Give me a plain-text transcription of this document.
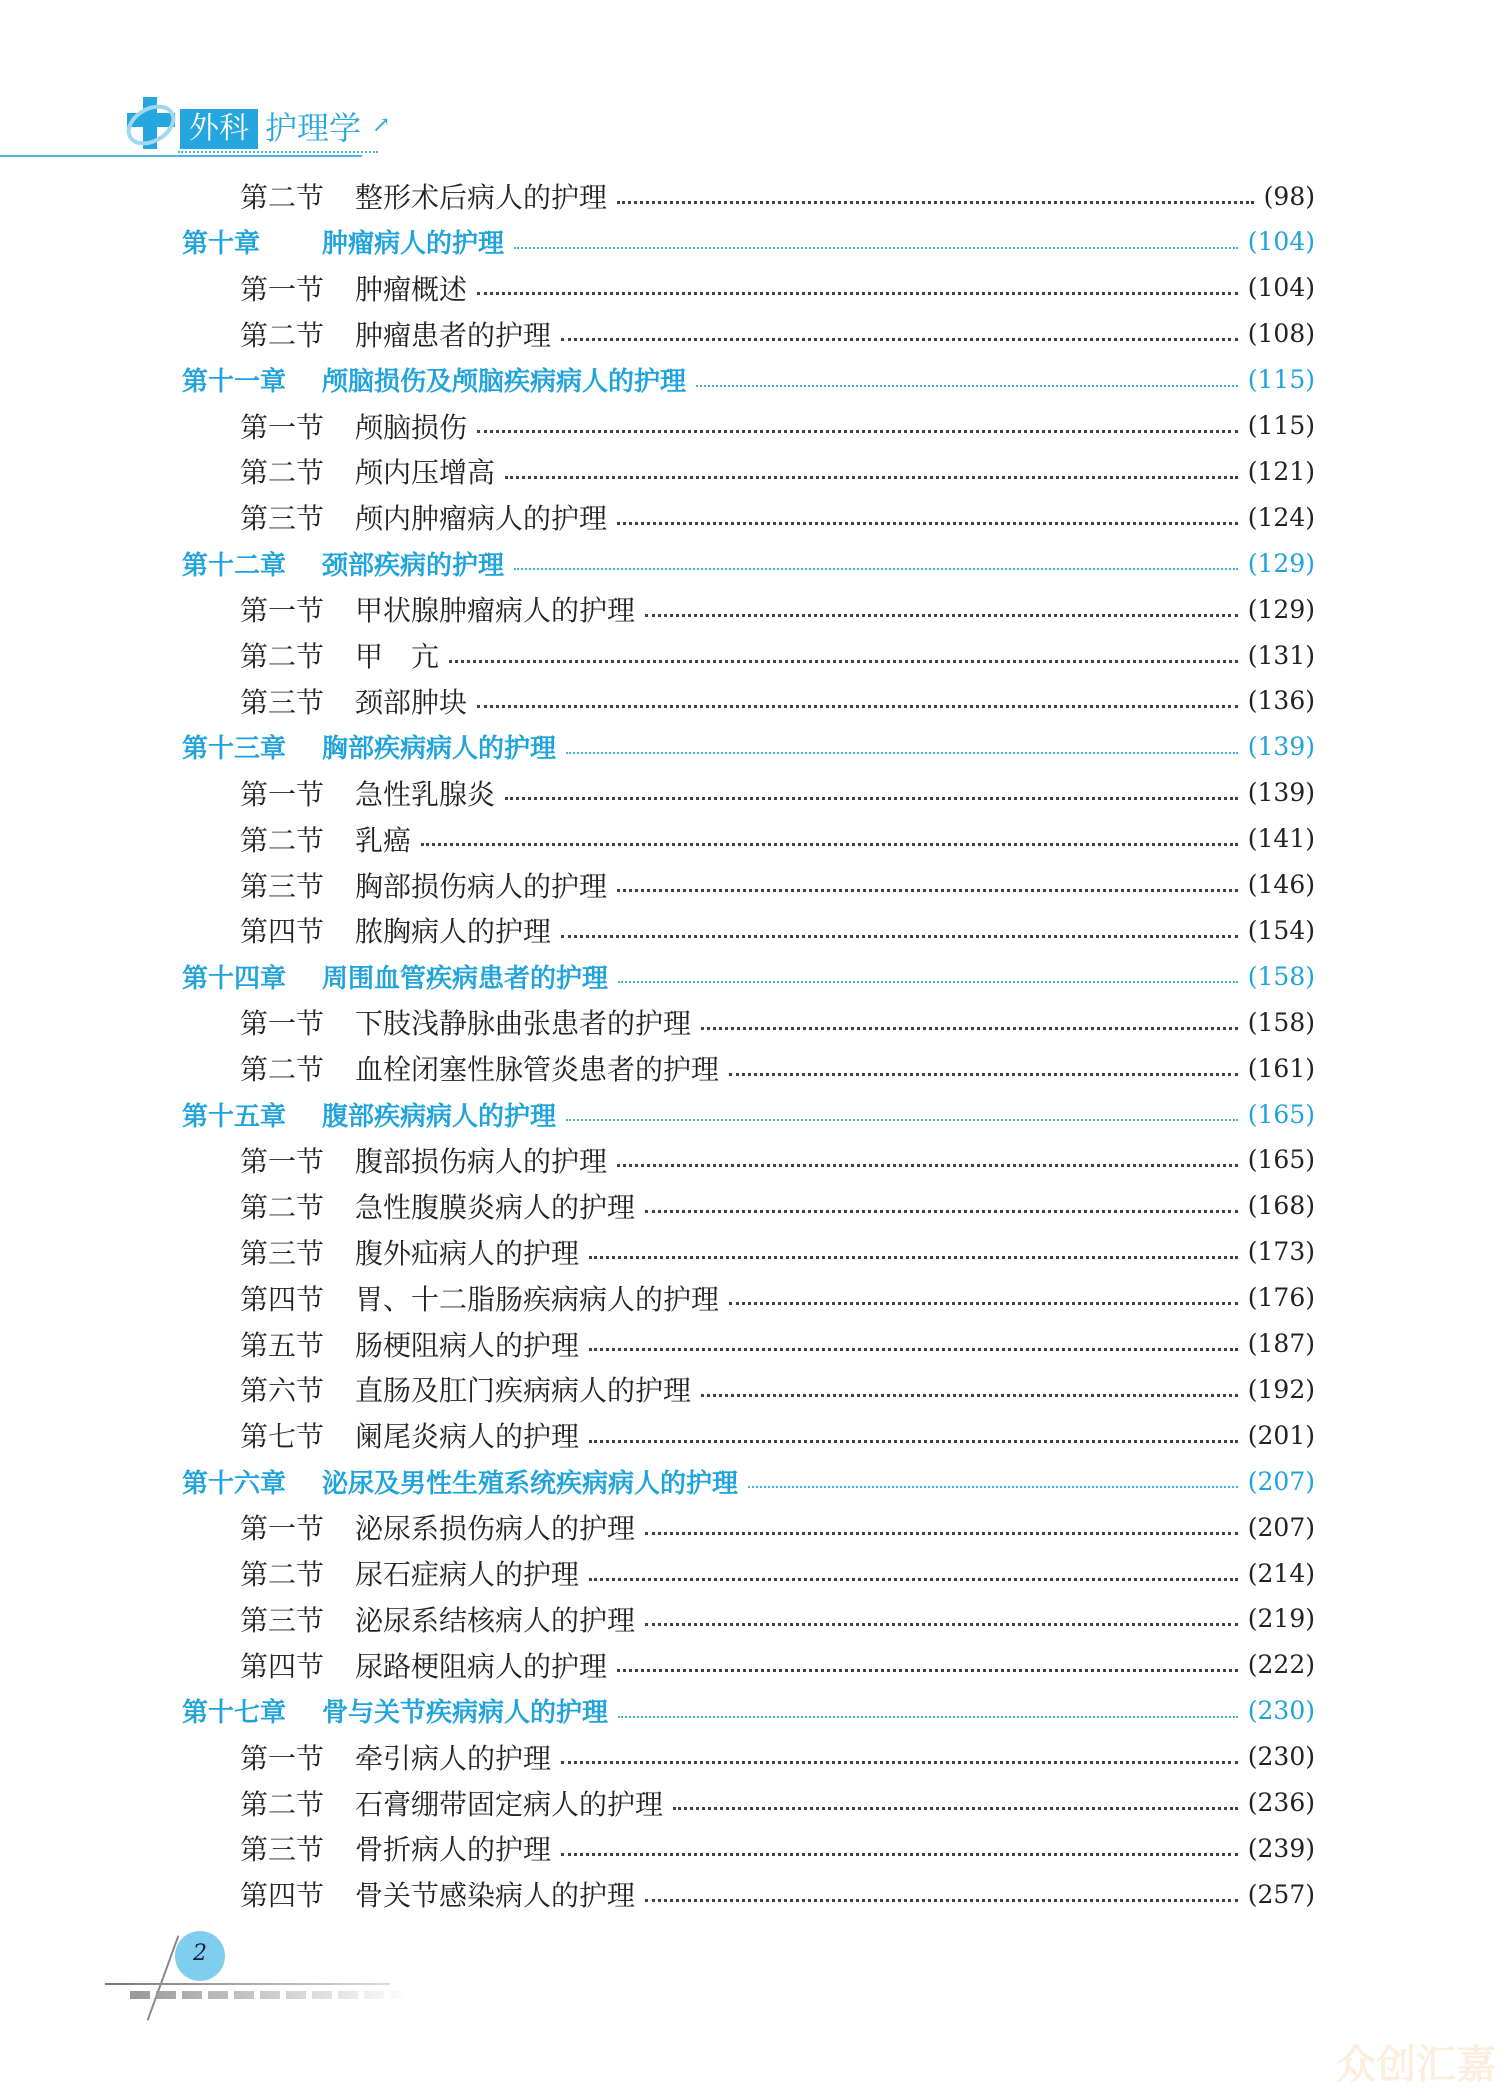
外科 护理学 ↗
第二节	整形术后病人的护理	(98)
第十章	肿瘤病人的护理	(104)
第一节	肿瘤概述	(104)
第二节	肿瘤患者的护理	(108)
第十一章	颅脑损伤及颅脑疾病病人的护理	(115)
第一节	颅脑损伤	(115)
第二节	颅内压增高	(121)
第三节	颅内肿瘤病人的护理	(124)
第十二章	颈部疾病的护理	(129)
第一节	甲状腺肿瘤病人的护理	(129)
第二节	甲　亢	(131)
第三节	颈部肿块	(136)
第十三章	胸部疾病病人的护理	(139)
第一节	急性乳腺炎	(139)
第二节	乳癌	(141)
第三节	胸部损伤病人的护理	(146)
第四节	脓胸病人的护理	(154)
第十四章	周围血管疾病患者的护理	(158)
第一节	下肢浅静脉曲张患者的护理	(158)
第二节	血栓闭塞性脉管炎患者的护理	(161)
第十五章	腹部疾病病人的护理	(165)
第一节	腹部损伤病人的护理	(165)
第二节	急性腹膜炎病人的护理	(168)
第三节	腹外疝病人的护理	(173)
第四节	胃、十二脂肠疾病病人的护理	(176)
第五节	肠梗阻病人的护理	(187)
第六节	直肠及肛门疾病病人的护理	(192)
第七节	阑尾炎病人的护理	(201)
第十六章	泌尿及男性生殖系统疾病病人的护理	(207)
第一节	泌尿系损伤病人的护理	(207)
第二节	尿石症病人的护理	(214)
第三节	泌尿系结核病人的护理	(219)
第四节	尿路梗阻病人的护理	(222)
第十七章	骨与关节疾病病人的护理	(230)
第一节	牵引病人的护理	(230)
第二节	石膏绷带固定病人的护理	(236)
第三节	骨折病人的护理	(239)
第四节	骨关节感染病人的护理	(257)
2
众创汇嘉
